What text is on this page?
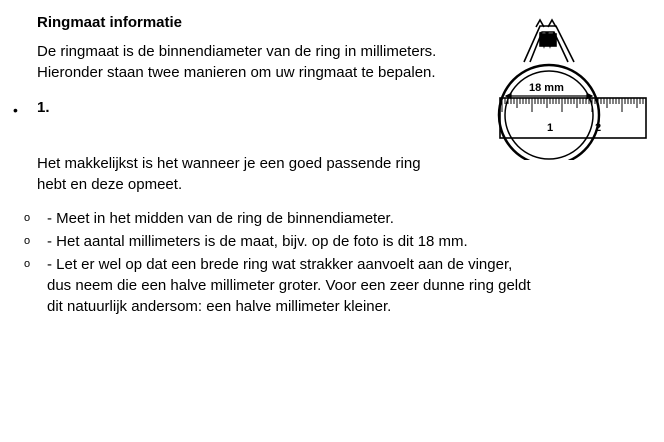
Ringmaat informatie
De ringmaat is de binnendiameter van de ring in millimeters.
Hieronder staan twee manieren om uw ringmaat te bepalen.
• 1.
Het makkelijkst is het wanneer je een goed passende ring
hebt en deze opmeet.
o - Meet in het midden van de ring de binnendiameter.
o - Het aantal millimeters is de maat, bijv. op de foto is dit 18 mm.
o - Let er wel op dat een brede ring wat strakker aanvoelt aan de vinger,
dus neem die een halve millimeter groter. Voor een zeer dunne ring geldt
dit natuurlijk andersom: een halve millimeter kleiner.
18 mm
1	2
